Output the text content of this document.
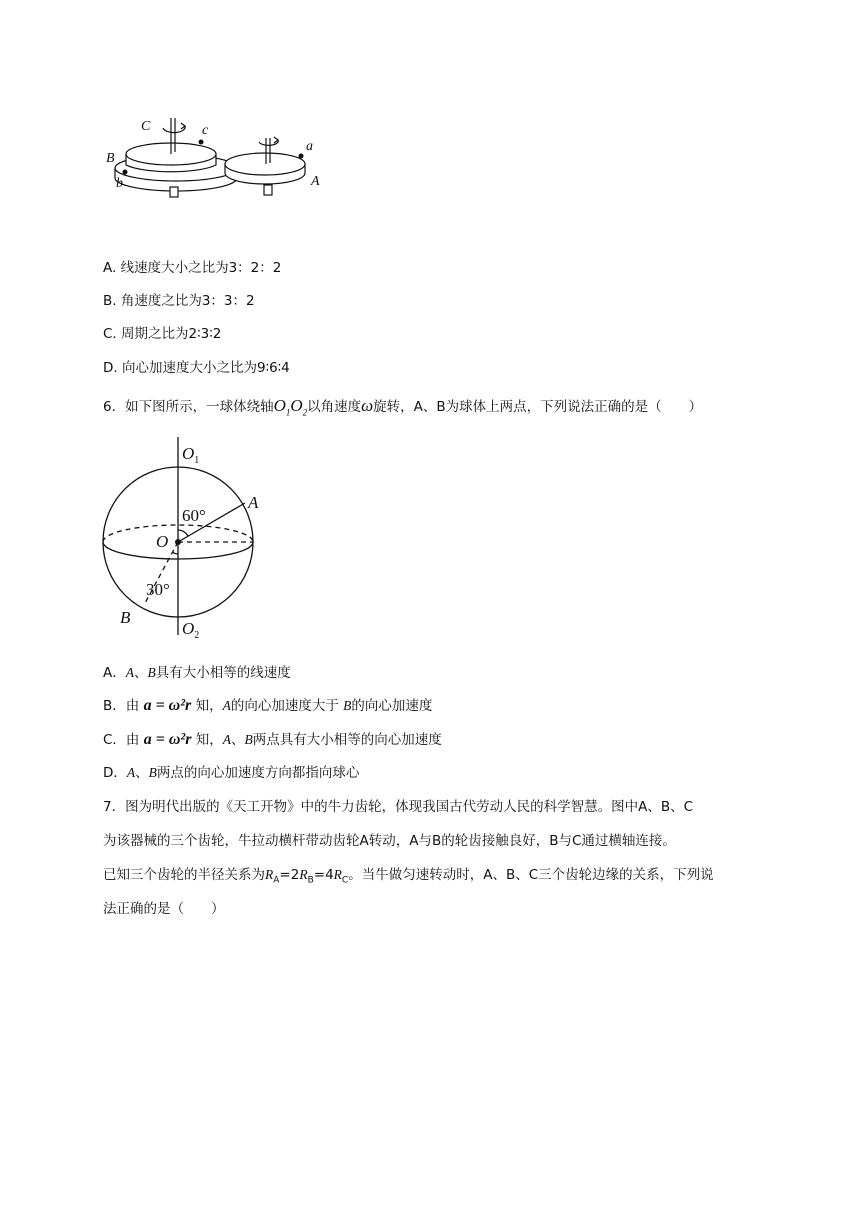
C	c
B
b
a
A
A. 线速度大小之比为3：2：2
B. 角速度之比为3：3：2
C. 周期之比为2∶3∶2
D. 向心加速度大小之比为9∶6∶4
6．如下图所示，一球体绕轴$O_1O_2$以角速度ω旋转，A、B为球体上两点，下列说法正确的是（　　）
$O_1$
$O_2$
O
A
B
60°
30°
A．A、B具有大小相等的线速度
B．由 a = ω²r 知，A的向心加速度大于 B的向心加速度
C．由 a = ω²r 知，A、B两点具有大小相等的向心加速度
D．A、B两点的向心加速度方向都指向球心
7．图为明代出版的《天工开物》中的牛力齿轮，体现我国古代劳动人民的科学智慧。图中A、B、C
为该器械的三个齿轮，牛拉动横杆带动齿轮A转动，A与B的轮齿接触良好，B与C通过横轴连接。
已知三个齿轮的半径关系为$R_A=2R_B=4R_C$。当牛做匀速转动时，A、B、C三个齿轮边缘的关系，下列说
法正确的是（　　）
